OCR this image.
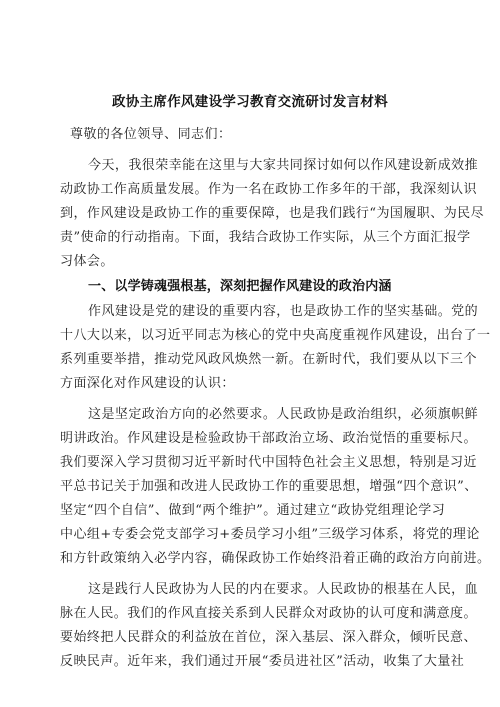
政协主席作风建设学习教育交流研讨发言材料
尊敬的各位领导、同志们：
今天，我很荣幸能在这里与大家共同探讨如何以作风建设新成效推
动政协工作高质量发展。作为一名在政协工作多年的干部，我深刻认识
到，作风建设是政协工作的重要保障，也是我们践行“为国履职、为民尽
责”使命的行动指南。下面，我结合政协工作实际，从三个方面汇报学
习体会。
一、以学铸魂强根基，深刻把握作风建设的政治内涵
作风建设是党的建设的重要内容，也是政协工作的坚实基础。党的
十八大以来，以习近平同志为核心的党中央高度重视作风建设，出台了一
系列重要举措，推动党风政风焕然一新。在新时代，我们要从以下三个
方面深化对作风建设的认识：
这是坚定政治方向的必然要求。人民政协是政治组织，必须旗帜鲜
明讲政治。作风建设是检验政协干部政治立场、政治觉悟的重要标尺。
我们要深入学习贯彻习近平新时代中国特色社会主义思想，特别是习近
平总书记关于加强和改进人民政协工作的重要思想，增强“四个意识”、
坚定“四个自信”、做到“两个维护”。通过建立“政协党组理论学习
中心组+专委会党支部学习+委员学习小组”三级学习体系，将党的理论
和方针政策纳入必学内容，确保政协工作始终沿着正确的政治方向前进。
这是践行人民政协为人民的内在要求。人民政协的根基在人民，血
脉在人民。我们的作风直接关系到人民群众对政协的认可度和满意度。
要始终把人民群众的利益放在首位，深入基层、深入群众，倾听民意、
反映民声。近年来，我们通过开展“委员进社区”活动，收集了大量社
